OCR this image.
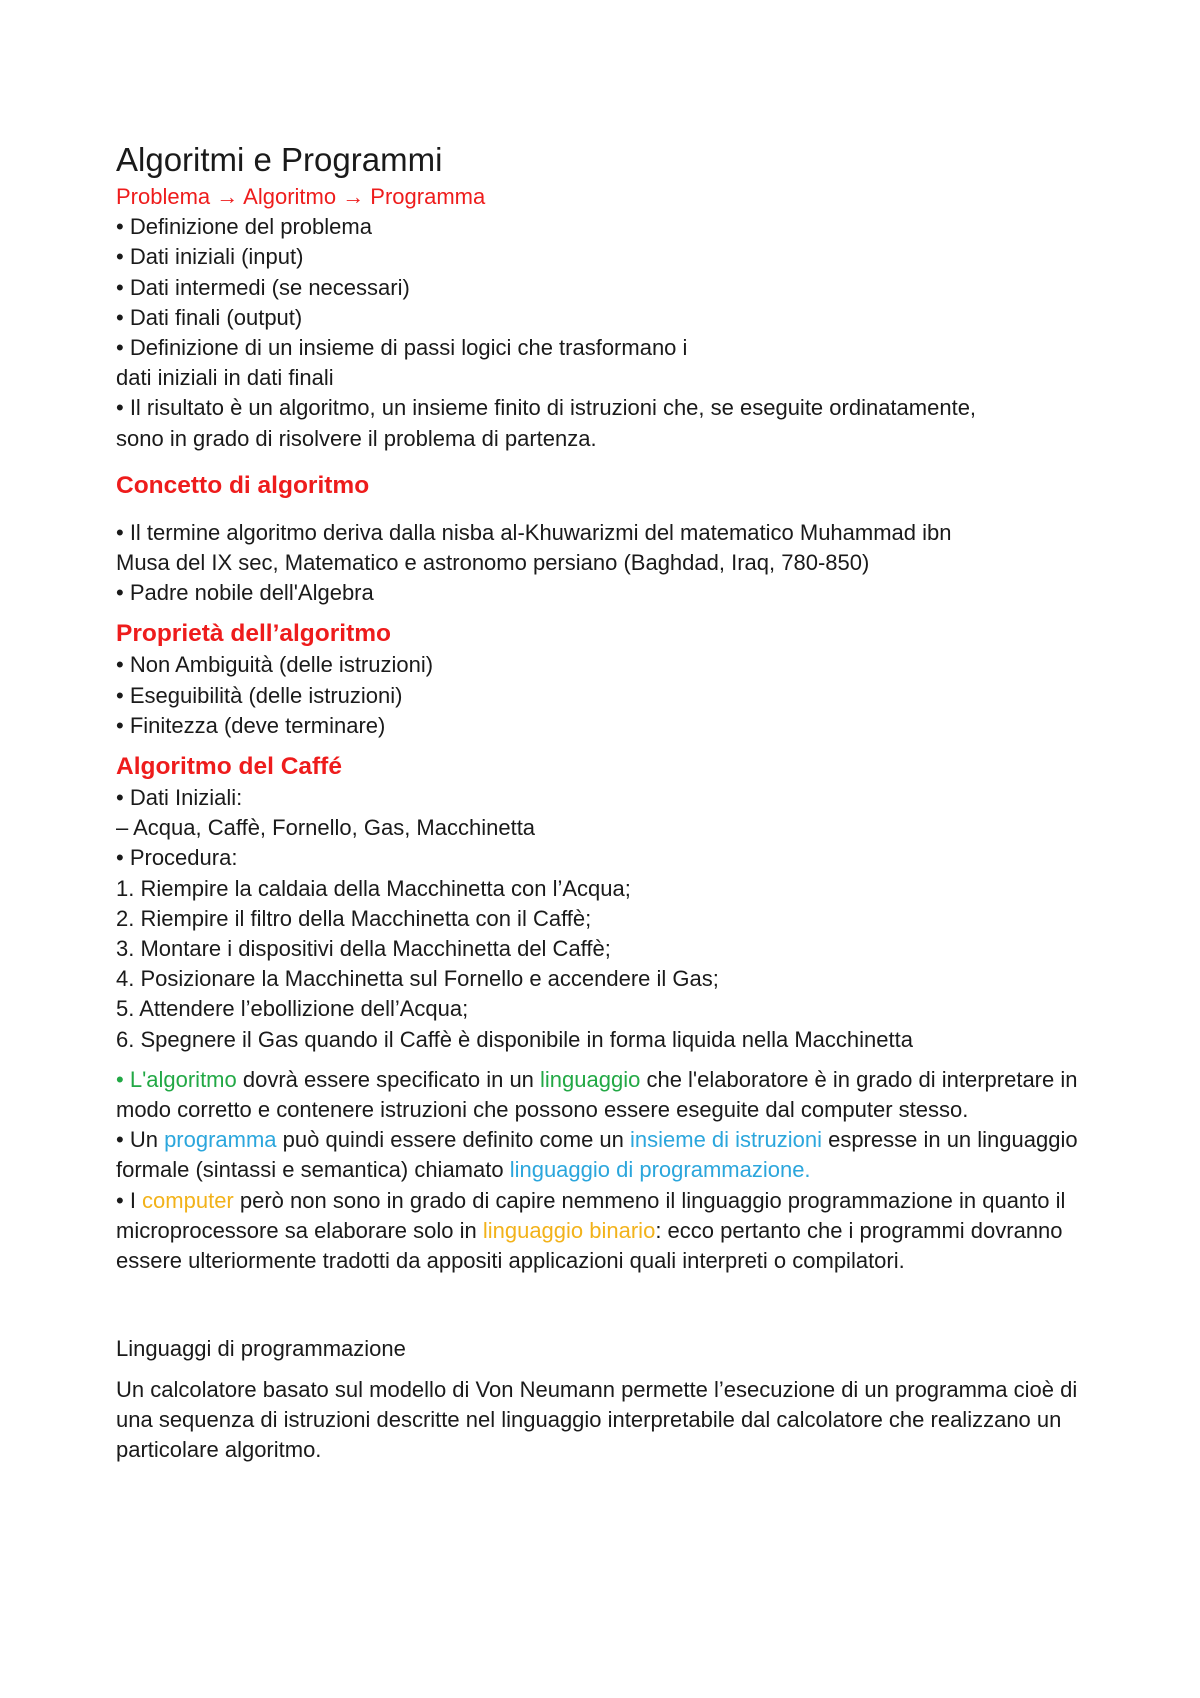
Algoritmi e Programmi

Problema → Algoritmo → Programma

• Definizione del problema

• Dati iniziali (input)

• Dati intermedi (se necessari)

• Dati finali (output)

• Definizione di un insieme di passi logici che trasformano i

dati iniziali in dati finali

• Il risultato è un algoritmo, un insieme finito di istruzioni che, se eseguite ordinatamente,

sono in grado di risolvere il problema di partenza.

Concetto di algoritmo

• Il termine algoritmo deriva dalla nisba al-Khuwarizmi del matematico Muhammad ibn

Musa del IX sec, Matematico e astronomo persiano (Baghdad, Iraq, 780-850)

• Padre nobile dell'Algebra

Proprietà dell’algoritmo

• Non Ambiguità (delle istruzioni)

• Eseguibilità (delle istruzioni)

• Finitezza (deve terminare)

Algoritmo del Caffé

• Dati Iniziali:

– Acqua, Caffè, Fornello, Gas, Macchinetta

• Procedura:

1. Riempire la caldaia della Macchinetta con l’Acqua;

2. Riempire il filtro della Macchinetta con il Caffè;

3. Montare i dispositivi della Macchinetta del Caffè;

4. Posizionare la Macchinetta sul Fornello e accendere il Gas;

5. Attendere l’ebollizione dell’Acqua;

6. Spegnere il Gas quando il Caffè è disponibile in forma liquida nella Macchinetta

• L'algoritmo dovrà essere specificato in un linguaggio che l'elaboratore è in grado di interpretare in modo corretto e contenere istruzioni che possono essere eseguite dal computer stesso.

• Un programma può quindi essere definito come un insieme di istruzioni espresse in un linguaggio formale (sintassi e semantica) chiamato linguaggio di programmazione.

• I computer però non sono in grado di capire nemmeno il linguaggio programmazione in quanto il microprocessore sa elaborare solo in linguaggio binario: ecco pertanto che i programmi dovranno essere ulteriormente tradotti da appositi applicazioni quali interpreti o compilatori.

Linguaggi di programmazione

Un calcolatore basato sul modello di Von Neumann permette l’esecuzione di un programma cioè di una sequenza di istruzioni descritte nel linguaggio interpretabile dal calcolatore che realizzano un particolare algoritmo.
